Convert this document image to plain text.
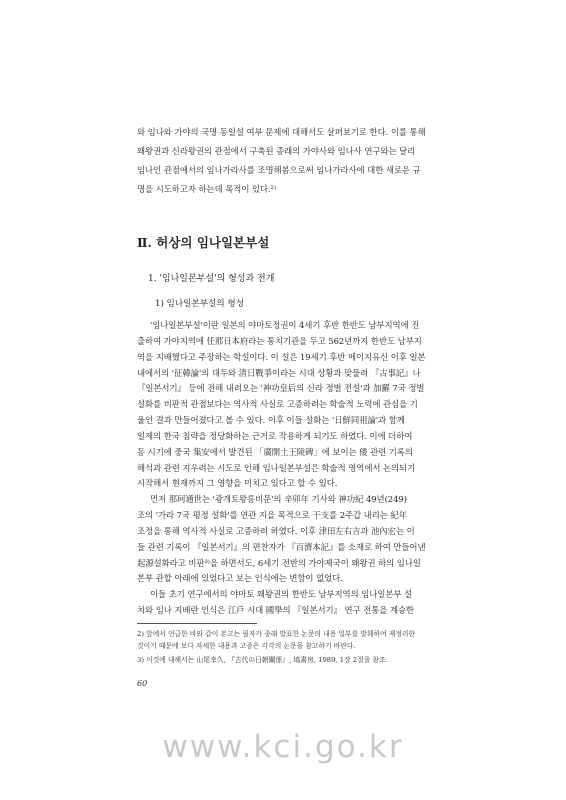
와 임나와 가야의 국명 동일설 여부 문제에 대해서도 살펴보기로 한다. 이를 통해
왜왕권과 신라왕권의 관점에서 구축된 종래의 가야사와 임나사 연구와는 달리
임나인 관점에서의 임나가라사를 조명해봄으로써 임나가라사에 대한 새로운 규
명을 시도하고자 하는데 목적이 있다.²⁾
Ⅱ. 허상의 임나일본부설
1. '임나일본부설'의 형성과 전개
1) 임나일본부설의 형성
'임나일본부설'이란 일본의 야마토정권이 4세기 후반 한반도 남부지역에 진
출하여 가야지역에 任那日本府라는 통치기관을 두고 562년까지 한반도 남부지
역을 지배했다고 주장하는 학설이다. 이 설은 19세기 후반 메이지유신 이후 일본
내에서의 '征韓論'의 대두와 淸日戰爭이라는 시대 상황과 맞물려 『古事記』나
『일본서기』 등에 전해 내려오는 '神功皇后의 신라 정벌 전설'과 加羅 7국 정벌
설화를 비판적 관점보다는 역사적 사실로 고증하려는 학술적 노력에 관심을 기
울인 결과 만들어졌다고 볼 수 있다. 이후 이들 설화는 '日鮮同祖論'과 함께
일제의 한국 침략을 정당화하는 근거로 작용하게 되기도 하였다. 이에 더하여
동 시기에 중국 集安에서 발견된 「廣開土王陵碑」에 보이는 倭 관련 기록의
해석과 관련 지우려는 시도로 인해 임나일본부설은 학술적 영역에서 논의되기
시작해서 현재까지 그 영향을 미치고 있다고 할 수 있다.
먼저 那珂通世는 '광개토왕릉비문'의 辛卯年 기사와 神功紀 49년(249)
조의 '가라 7국 평정 설화'를 연관 지을 목적으로 干支를 2주갑 내리는 紀年
조정을 통해 역사적 사실로 고증하려 하였다. 이후 津田左右吉과 池內宏는 이
들 관련 기록이 『일본서기』의 편찬자가 『百濟本記』를 소재로 하여 만들어낸
起源설화라고 비판³⁾을 하면서도, 6세기 전반의 가야제국이 왜왕권 하의 임나일
본부 관할 아래에 있었다고 보는 인식에는 변함이 없었다.
이들 초기 연구에서의 야마토 왜왕권의 한반도 남부지역의 임나일본부 설
치와 임나 지배란 인식은 江戶 시대 國學의 『일본서기』 연구 전통을 계승한
2) 앞에서 언급한 바와 같이 본고는 필자가 종래 발표한 논문의 내용 일부를 발췌하여 재정리한
것이기 때문에 보다 자세한 내용과 고증은 각각의 논문을 참고하기 바란다.
3) 이것에 대해서는 山尾幸久, 『古代の日朝關係』, 塙書房, 1989, 1장 2절을 참조.
60
www.kci.go.kr
